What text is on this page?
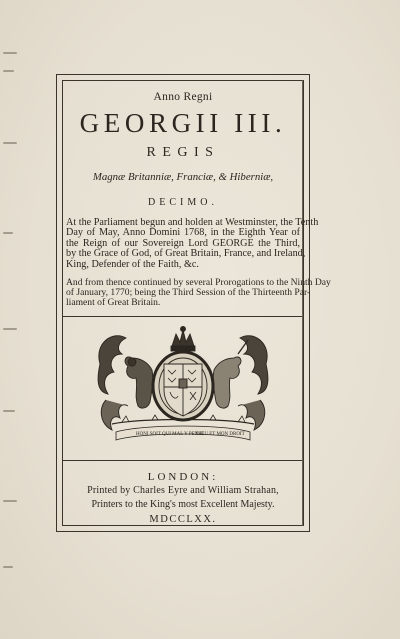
Anno Regni
GEORGII III.
REGIS
Magnæ Britanniæ, Franciæ, & Hiberniæ,
DECIMO.
At the Parliament begun and holden at Westminster, the Tenth
Day of May, Anno Domini 1768, in the Eighth Year of
the Reign of our Sovereign Lord GEORGE the Third,
by the Grace of God, of Great Britain, France, and Ireland,
King, Defender of the Faith, &c.
And from thence continued by several Prorogations to the Ninth Day
of January, 1770; being the Third Session of the Thirteenth Par-
liament of Great Britain.
HONI SOIT QUI MAL Y PENSE
DIEU ET MON DROIT
LONDON:
Printed by Charles Eyre and William Strahan,
Printers to the King's most Excellent Majesty.
MDCCLXX.
